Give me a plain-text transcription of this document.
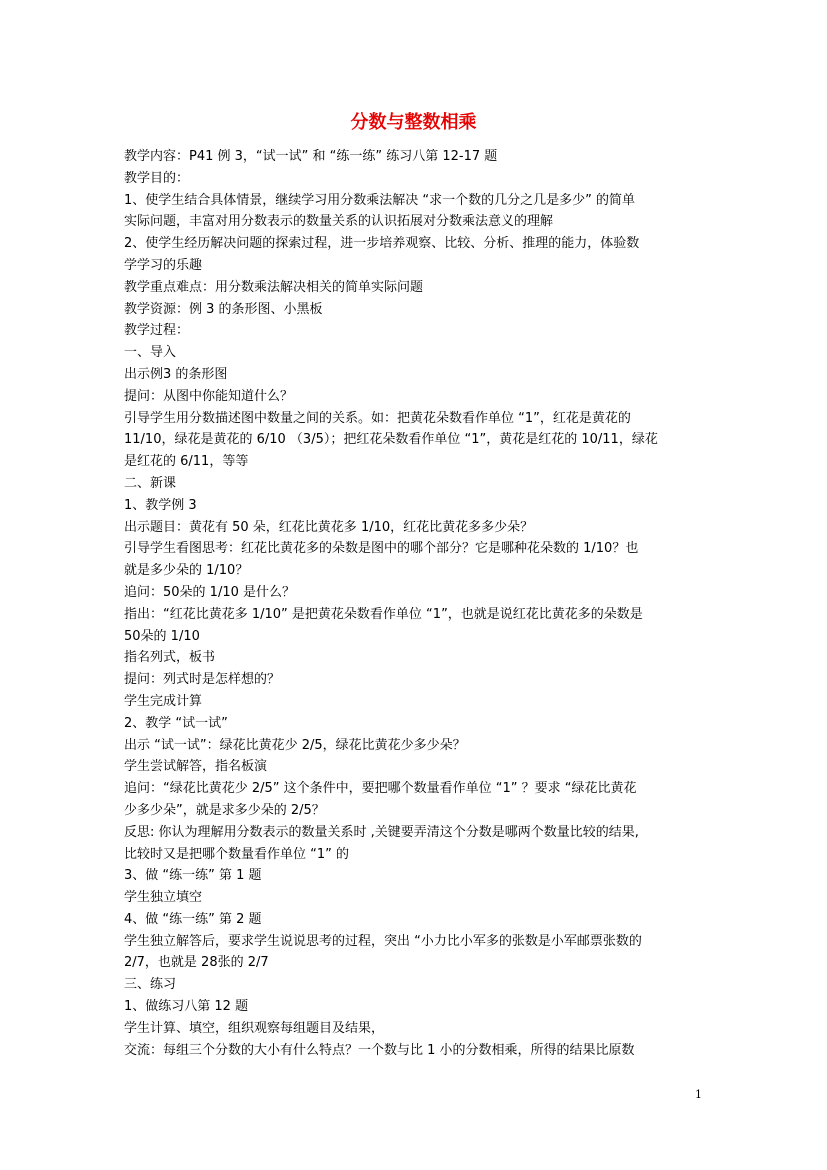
分数与整数相乘
教学内容：P41 例 3，“试一试” 和 “练一练” 练习八第 12-17 题
教学目的：
1、使学生结合具体情景，继续学习用分数乘法解决 “求一个数的几分之几是多少” 的简单
实际问题，丰富对用分数表示的数量关系的认识拓展对分数乘法意义的理解
2、使学生经历解决问题的探索过程，进一步培养观察、比较、分析、推理的能力，体验数
学学习的乐趣
教学重点难点：用分数乘法解决相关的简单实际问题
教学资源：例 3 的条形图、小黑板
教学过程：
一、导入
出示例3 的条形图
提问：从图中你能知道什么？
引导学生用分数描述图中数量之间的关系。如：把黄花朵数看作单位 “1”，红花是黄花的
11/10，绿花是黄花的 6/10 （3/5）；把红花朵数看作单位 “1”，黄花是红花的 10/11，绿花
是红花的 6/11，等等
二、新课
1、教学例 3
出示题目：黄花有 50 朵，红花比黄花多 1/10，红花比黄花多多少朵？
引导学生看图思考：红花比黄花多的朵数是图中的哪个部分？它是哪种花朵数的 1/10？也
就是多少朵的 1/10？
追问：50朵的 1/10 是什么？
指出：“红花比黄花多 1/10” 是把黄花朵数看作单位 “1”，也就是说红花比黄花多的朵数是
50朵的 1/10
指名列式，板书
提问：列式时是怎样想的？
学生完成计算
2、教学 “试一试”
出示 “试一试”：绿花比黄花少 2/5，绿花比黄花少多少朵？
学生尝试解答，指名板演
追问：“绿花比黄花少 2/5” 这个条件中，要把哪个数量看作单位 “1” ？要求 “绿花比黄花
少多少朵”，就是求多少朵的 2/5？
反思: 你认为理解用分数表示的数量关系时 ,关键要弄清这个分数是哪两个数量比较的结果,
比较时又是把哪个数量看作单位 “1” 的
3、做 “练一练” 第 1 题
学生独立填空
4、做 “练一练” 第 2 题
学生独立解答后，要求学生说说思考的过程，突出 “小力比小军多的张数是小军邮票张数的
2/7，也就是 28张的 2/7
三、练习
1、做练习八第 12 题
学生计算、填空，组织观察每组题目及结果，
交流：每组三个分数的大小有什么特点？一个数与比 1 小的分数相乘，所得的结果比原数
1
